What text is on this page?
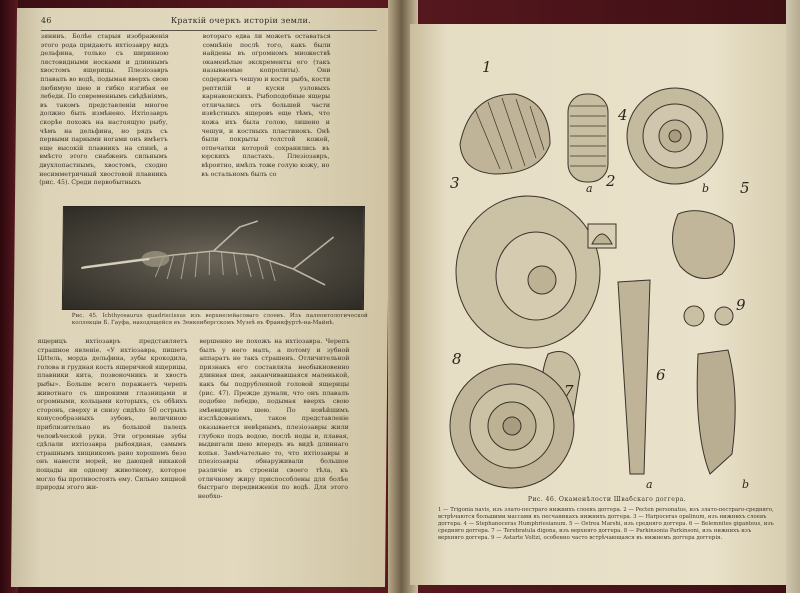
46	Краткій очеркъ исторіи земли.
зянинъ. Болѣе старыя изображенія этого рода придаютъ ихтіозавру видъ дельфина, только съ ширинною лястовидными носками и длиннымъ хвостомъ ящерицы. Плезіозавръ плавалъ во водѣ, подымая вверхъ свою любимую шею и гибко изгибая ее лебеди. По современнымъ свѣдѣніямъ, въ такомъ представленіи многое должно быть измѣнено. Ихтіозавръ скорѣе похожъ на настоящую рыбу, чѣмъ на дельфина, но рядъ съ первыми парными ногами онъ имѣетъ еще высокій плавникъ на спинѣ, а вмѣсто этого снабженъ сильнымъ двухлопастнымъ, хвостомъ, сходно несимметричный хвостовой плавникъ (рис. 45). Среди первобытныхъ
вотораго едва ли можетъ оставаться сомнѣніе послѣ того, какъ были найдены въ огромномъ множествѣ окаменѣлые экскременты его (такъ называемые копролиты). Они содержатъ чешую и кости рыбъ, кости рептилій и куски узловыхъ карнавонскихъ. Рыбоподобные ящеры отличались отъ большей части извѣстныхъ ящеровъ еще тѣмъ, что кожа ихъ была голою, лишено и чешуи, и костныхъ пластинокъ. Онѣ были покрыты толстой кожей, отпечатки которой сохранились въ юрскихъ пластахъ. Плезіозавръ, вѣроятно, имѣлъ тоже голую кожу, но въ остальномъ былъ со
Рис. 45. Ichthyosaurus quadriscissus изъ верхнелейасоваго слоевъ. Изъ палеонтологической коллекціи Б. Гауфа, находящейся въ Зенкенбергскомъ Музеѣ въ Франкфуртѣ-на-Майнѣ.
ящерицъ ихтіозавръ представляетъ страшное явленіе. «У ихтіозавра, пишетъ Цittель, морда дельфина, зубы крокодила, голова и грудная кость ящеричной ящерицы, плавники кита, позвоночникъ и хвостъ рыбы». Больше всего поражаетъ черепъ животнаго съ широкими глазницами и огромными, кольцами которыхъ, съ обѣихъ сторонъ, сверху и снизу сидѣло 50 острыхъ конусообразныхъ зубовъ, величиною приблизительно въ большой палецъ человѣческой руки. Эти огромные зубы сдѣлали ихтіозавра рыбоядная, самымъ страшнымъ хищникомъ рано хорошемъ безо онъ навести морей, не дающей никакой пощады ни одному животному, которое могло бы противостоять ему. Сильно хищной природы этого жи-
вершенно не похожъ на ихтіозавра. Черепъ былъ у него малъ, а потому и зубной аппаратъ не такъ страшенъ. Отличительной признакъ его составляла необыкновенно длинная шея, заканчивавшаяся маленькой, какъ бы подрубленной головой ящерицы (рис. 47). Прежде думали, что онъ плавалъ подобно лебедю, подымая вверхъ свою змѣевидную шею. По новѣйшимъ изслѣдованіямъ, такое представленіе оказывается невѣрнымъ, плезіозавры жили глубоко подъ водою, послѣ ноды и, плавая, выдвигали шею впередъ въ видѣ длиннаго копья. Замѣчательно то, что ихтіозавры и плезіозавры обнаруживали большое различіе въ строеніи своего тѣла, къ отличному жиру приспособлены для болѣе быстраго передвиженія по водѣ. Для этого необхо-
1
2
3
4
5
6
7
8
9
a	b
a	b
Рис. 46. Окаменѣлости Швабскаго доггера.
1 — Trigonia navis, изъ злато-пестраго нижнихъ слоевъ доггера. 2 — Pecten personatus, изъ злато-пестраго-средняго, встрѣчаются большими массами въ песчаникахъ нижнихъ доггера. 3 — Harpoceras opalinum, изъ нижнихъ слоевъ доггера. 4 — Stephanoceras Humphriesianum. 5 — Ostrea Marshi, изъ средняго доггера. 6 — Belemnites giganteus, изъ средняго доггера. 7 — Terebratula digona, изъ верхняго доггера. 8 — Parkinsonia Parkinsoni, изъ нижнихъ изъ верхняго доггера. 9 — Astarte Voltzi, особенно часто встрѣчающаяся въ нижнемъ доггера доггерія.
